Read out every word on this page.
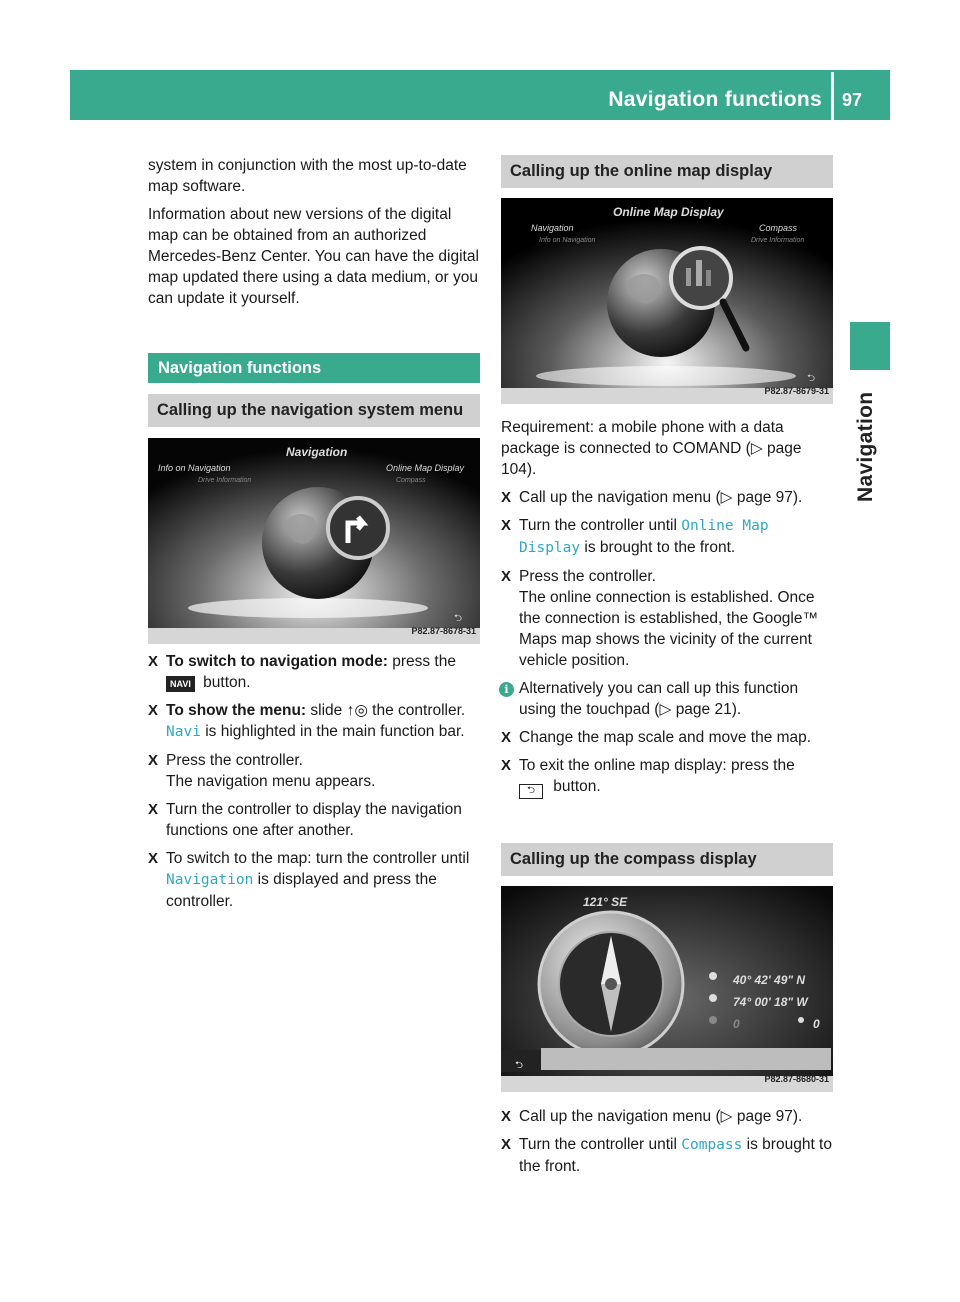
Navigation functions 97
Navigation

system in conjunction with the most up-to-date map software.

Information about new versions of the digital map can be obtained from an authorized Mercedes-Benz Center. You can have the digital map updated there using a data medium, or you can update it yourself.

Navigation functions
Calling up the navigation system menu
Navigation
Info on Navigation
Drive Information
Online Map Display
Compass
⮌
P82.87-8678-31

X To switch to navigation mode: press the
NAVI button.

X To show the menu: slide ↑◎ the controller.
Navi is highlighted in the main function bar.

X Press the controller.
The navigation menu appears.

X Turn the controller to display the navigation functions one after another.

X To switch to the map: turn the controller until Navigation is displayed and press the controller.

Calling up the online map display
Online Map Display
Navigation
Info on Navigation
Compass
Drive Information
⮌
P82.87-8679-31

Requirement: a mobile phone with a data package is connected to COMAND (▷ page 104).

X Call up the navigation menu (▷ page 97).

X Turn the controller until Online Map Display is brought to the front.

X Press the controller.
The online connection is established. Once the connection is established, the Google™ Maps map shows the vicinity of the current vehicle position.

i Alternatively you can call up this function using the touchpad (▷ page 21).

X Change the map scale and move the map.

X To exit the online map display: press the
⮌ button.

Calling up the compass display
121° SE
40° 42' 49" N
74° 00' 18" W
0	0
⮌
P82.87-8680-31

X Call up the navigation menu (▷ page 97).

X Turn the controller until Compass is brought to the front.
